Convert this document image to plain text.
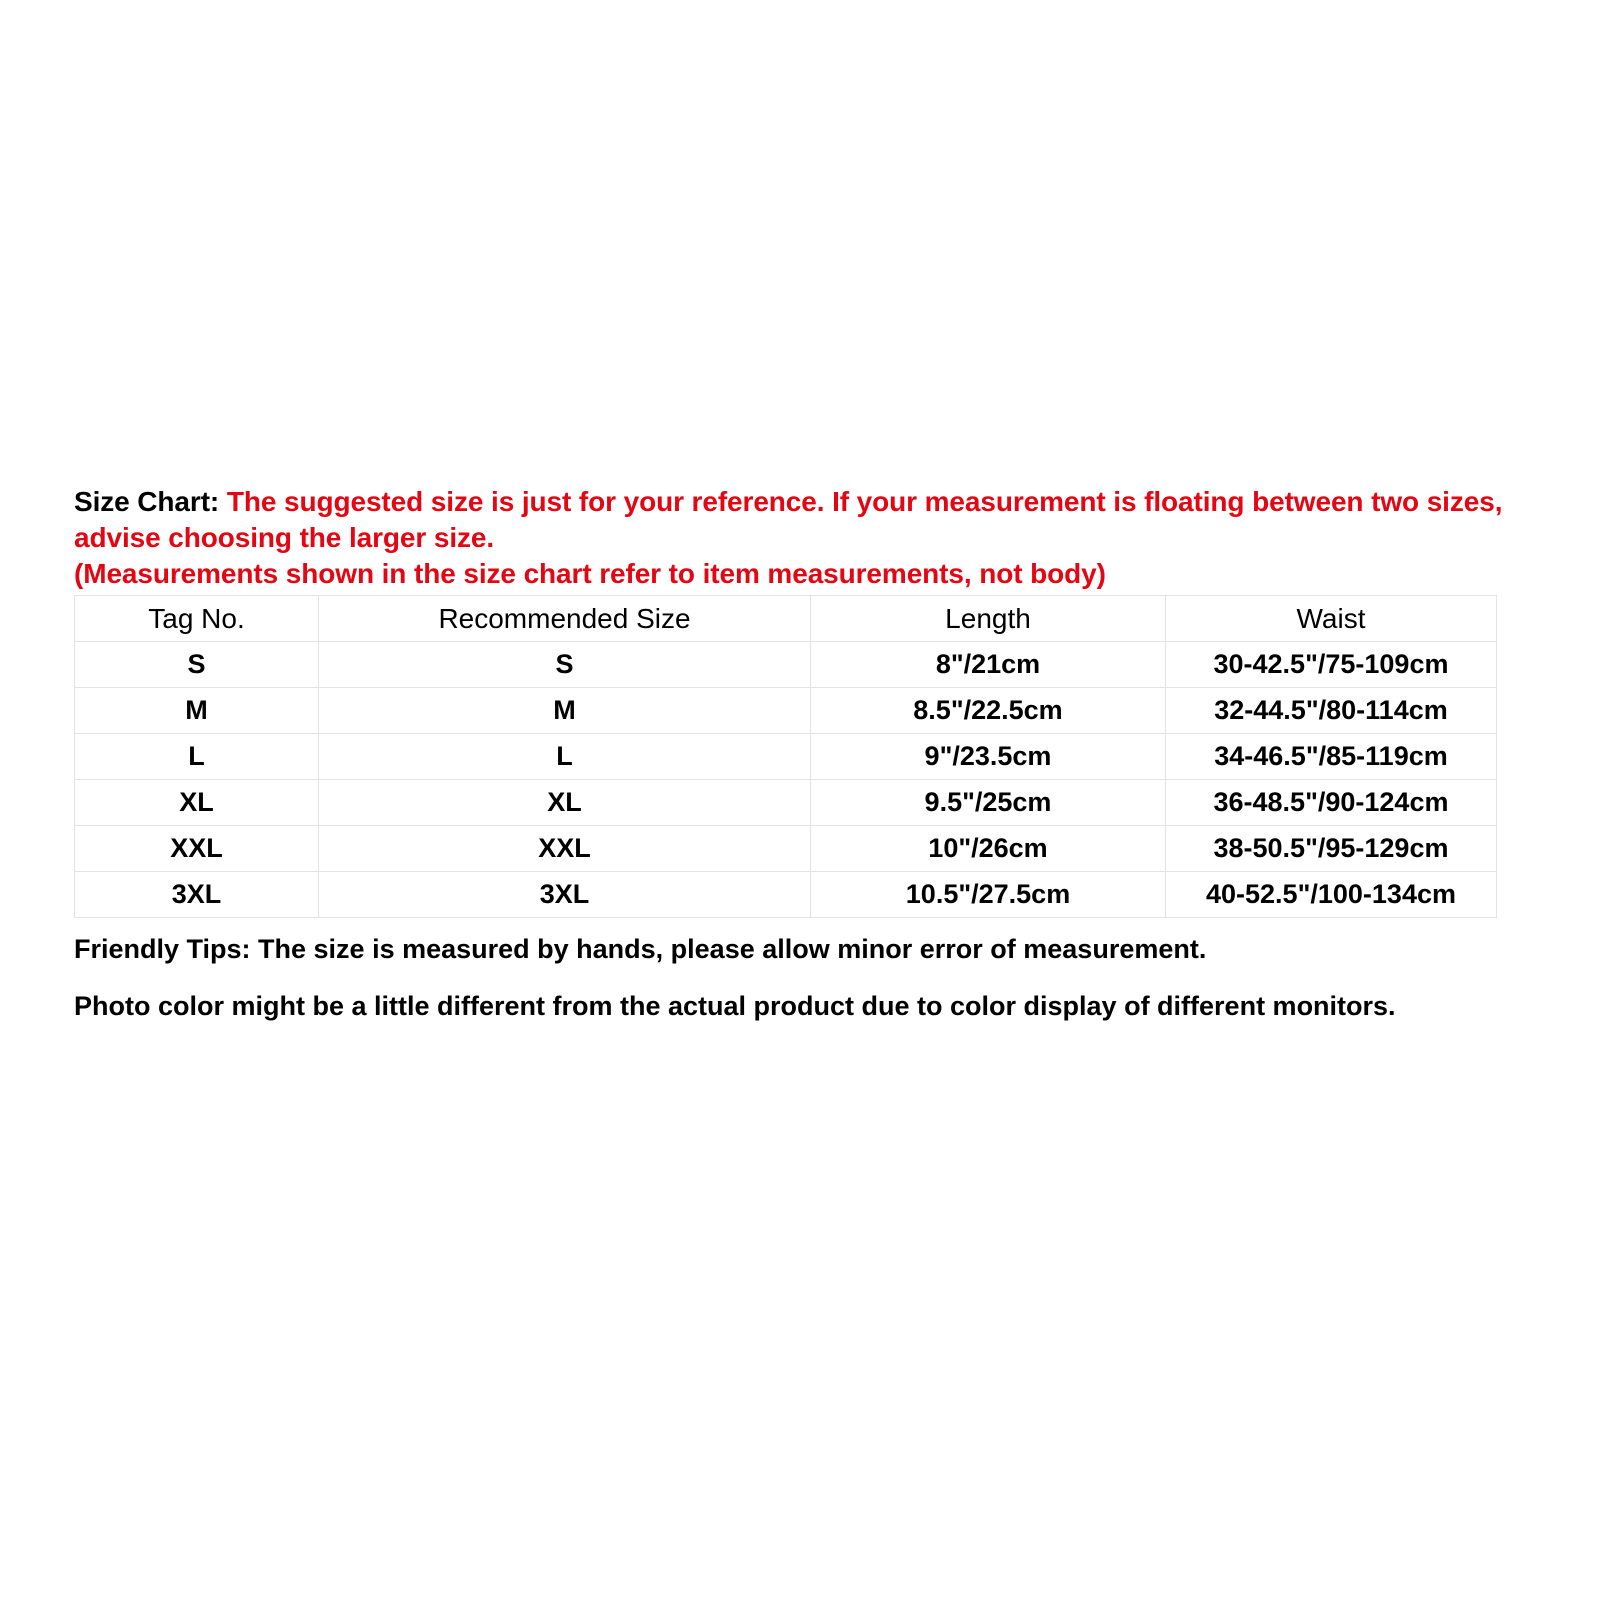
Size Chart: The suggested size is just for your reference. If your measurement is floating between two sizes, advise choosing the larger size.
(Measurements shown in the size chart refer to item measurements, not body)
Tag No.	Recommended Size	Length	Waist
S	S	8"/21cm	30-42.5"/75-109cm
M	M	8.5"/22.5cm	32-44.5"/80-114cm
L	L	9"/23.5cm	34-46.5"/85-119cm
XL	XL	9.5"/25cm	36-48.5"/90-124cm
XXL	XXL	10"/26cm	38-50.5"/95-129cm
3XL	3XL	10.5"/27.5cm	40-52.5"/100-134cm

Friendly Tips: The size is measured by hands, please allow minor error of measurement.

Photo color might be a little different from the actual product due to color display of different monitors.
